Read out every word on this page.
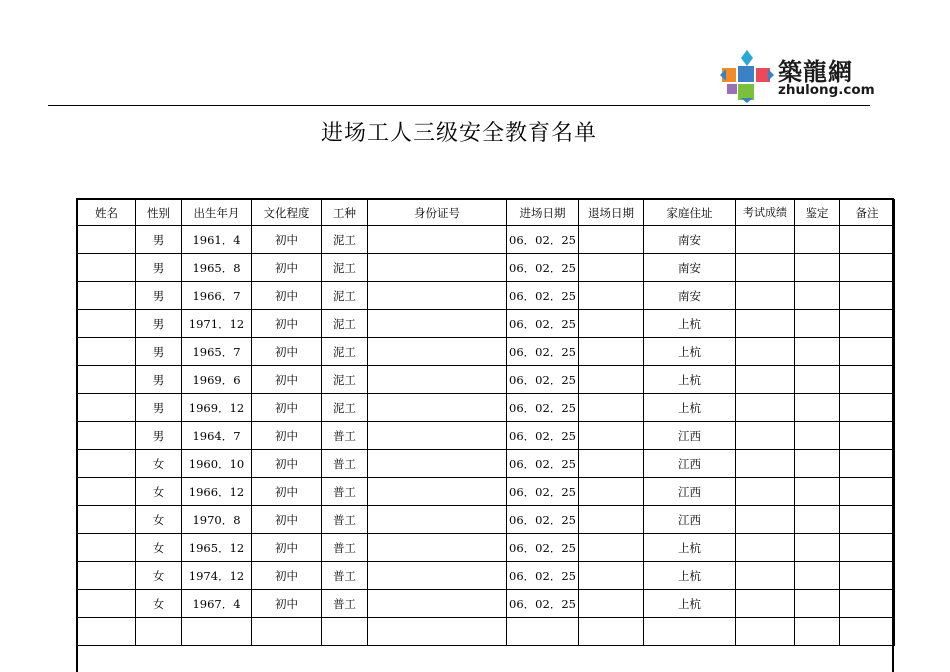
築龍網
zhulong.com
进场工人三级安全教育名单
姓名	性别	出生年月	文化程度	工种	身份证号	进场日期	退场日期	家庭住址	考试成绩	鉴定	备注
	男	1961．4	初中	泥工		06．02．25		南安			
	男	1965．8	初中	泥工		06．02．25		南安			
	男	1966．7	初中	泥工		06．02．25		南安			
	男	1971．12	初中	泥工		06．02．25		上杭			
	男	1965．7	初中	泥工		06．02．25		上杭			
	男	1969．6	初中	泥工		06．02．25		上杭			
	男	1969．12	初中	泥工		06．02．25		上杭			
	男	1964．7	初中	普工		06．02．25		江西			
	女	1960．10	初中	普工		06．02．25		江西			
	女	1966．12	初中	普工		06．02．25		江西			
	女	1970．8	初中	普工		06．02．25		江西			
	女	1965．12	初中	普工		06．02．25		上杭			
	女	1974．12	初中	普工		06．02．25		上杭			
	女	1967．4	初中	普工		06．02．25		上杭			
